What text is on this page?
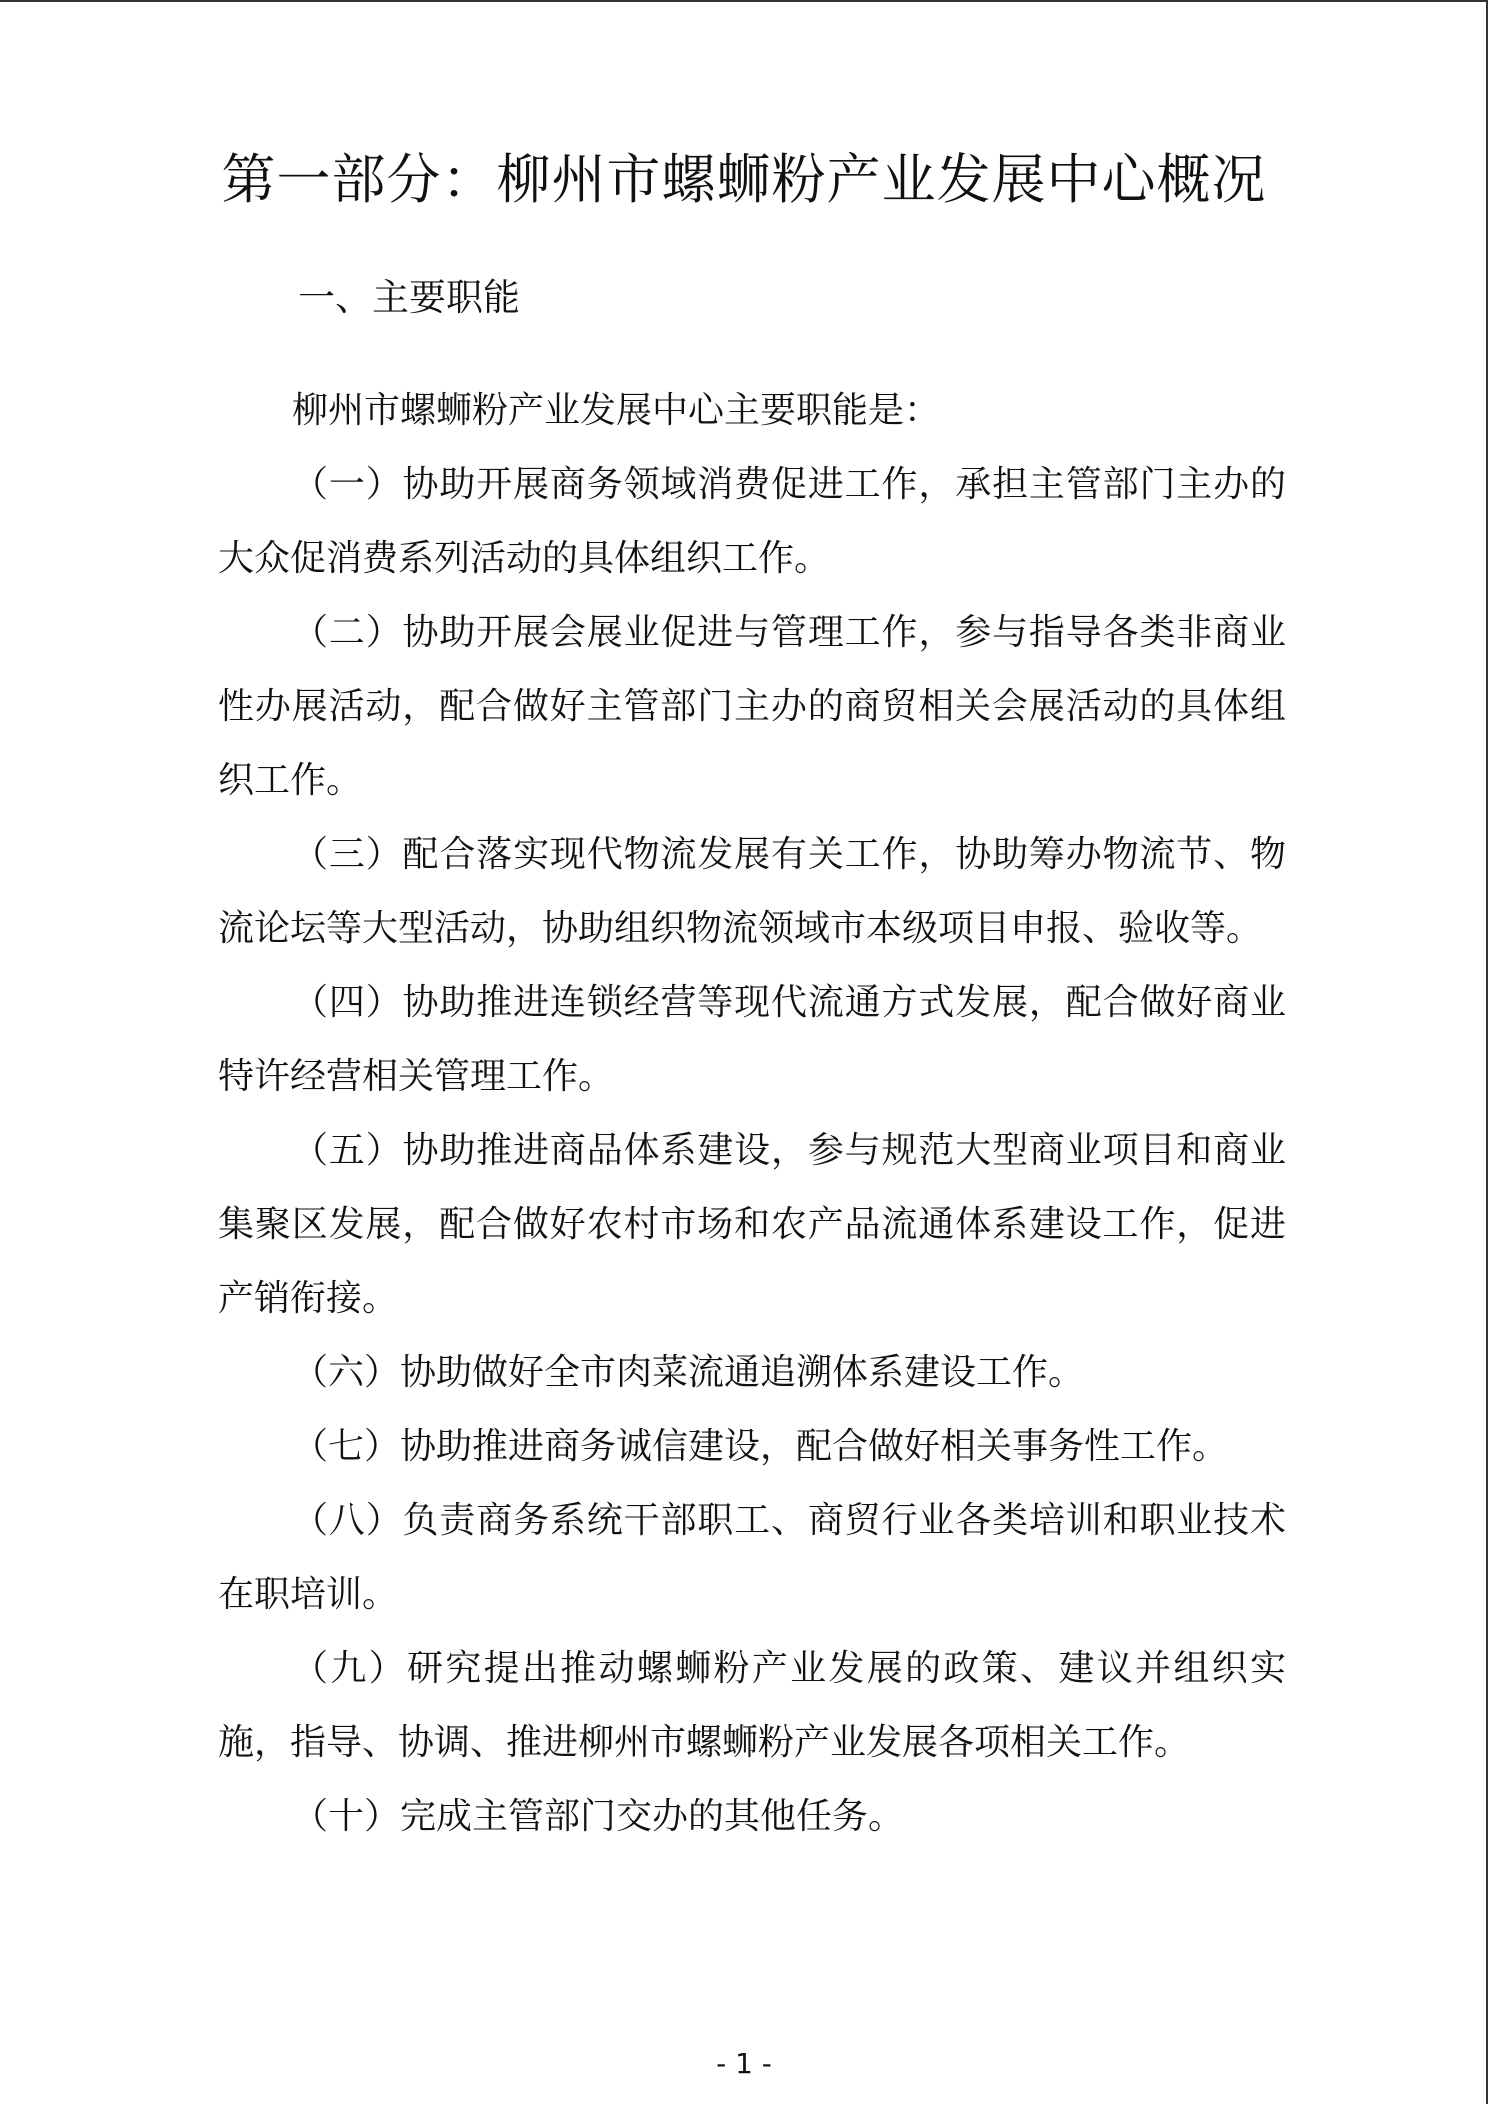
第一部分：柳州市螺蛳粉产业发展中心概况
一、主要职能

柳州市螺蛳粉产业发展中心主要职能是：

（一）协助开展商务领域消费促进工作，承担主管部门主办的大众促消费系列活动的具体组织工作。

（二）协助开展会展业促进与管理工作，参与指导各类非商业性办展活动，配合做好主管部门主办的商贸相关会展活动的具体组织工作。

（三）配合落实现代物流发展有关工作，协助筹办物流节、物流论坛等大型活动，协助组织物流领域市本级项目申报、验收等。

（四）协助推进连锁经营等现代流通方式发展，配合做好商业特许经营相关管理工作。

（五）协助推进商品体系建设，参与规范大型商业项目和商业集聚区发展，配合做好农村市场和农产品流通体系建设工作，促进产销衔接。

（六）协助做好全市肉菜流通追溯体系建设工作。

（七）协助推进商务诚信建设，配合做好相关事务性工作。

（八）负责商务系统干部职工、商贸行业各类培训和职业技术在职培训。

（九）研究提出推动螺蛳粉产业发展的政策、建议并组织实施，指导、协调、推进柳州市螺蛳粉产业发展各项相关工作。

（十）完成主管部门交办的其他任务。

- 1 -
